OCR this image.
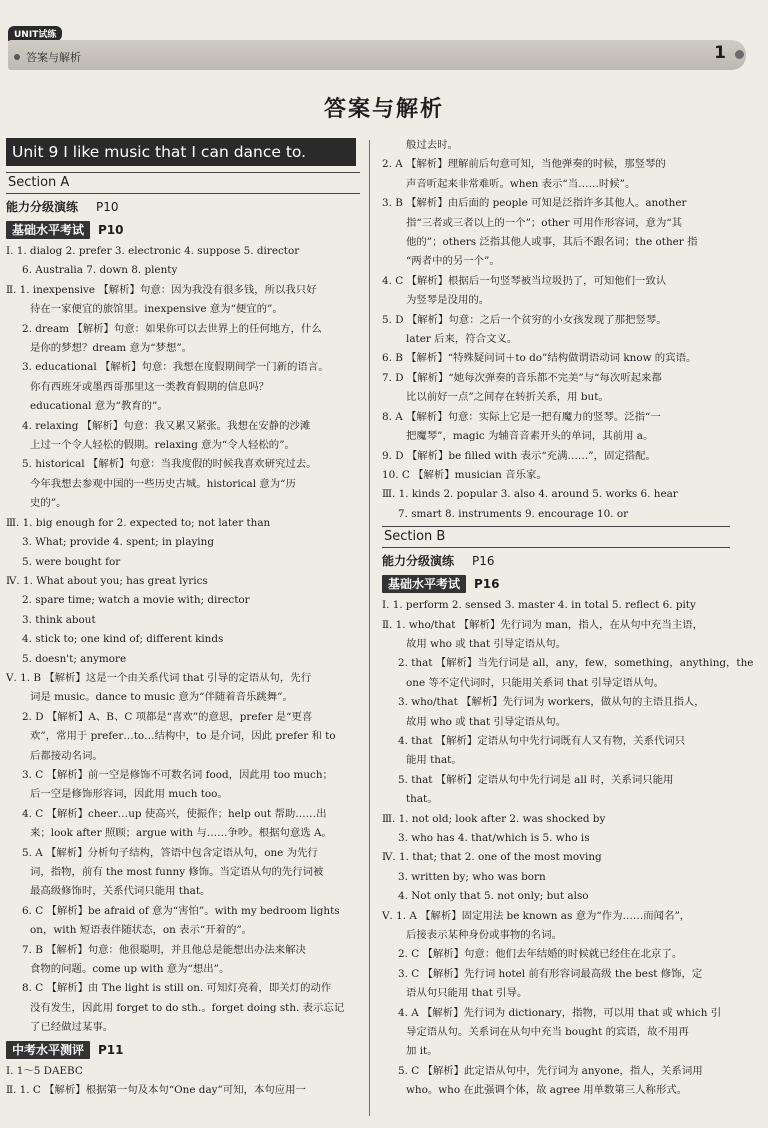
UNIT试练
答案与解析	1
答案与解析
Unit 9 I like music that I can dance to.
Section A
能力分级演练 P10
基础水平考试 P10
Ⅰ. 1. dialog 2. prefer 3. electronic 4. suppose 5. director
6. Australia 7. down 8. plenty
Ⅱ. 1. inexpensive 【解析】句意：因为我没有很多钱，所以我只好
待在一家便宜的旅馆里。inexpensive 意为“便宜的”。
2. dream 【解析】句意：如果你可以去世界上的任何地方，什么
是你的梦想？dream 意为“梦想”。
3. educational 【解析】句意：我想在度假期间学一门新的语言。
你有西班牙或墨西哥那里这一类教育假期的信息吗？
educational 意为“教育的”。
4. relaxing 【解析】句意：我又累又紧张。我想在安静的沙滩
上过一个令人轻松的假期。relaxing 意为“令人轻松的”。
5. historical 【解析】句意：当我度假的时候我喜欢研究过去。
今年我想去参观中国的一些历史古城。historical 意为“历
史的”。
Ⅲ. 1. big enough for 2. expected to; not later than
3. What; provide 4. spent; in playing
5. were bought for
Ⅳ. 1. What about you; has great lyrics
2. spare time; watch a movie with; director
3. think about
4. stick to; one kind of; different kinds
5. doesn't; anymore
Ⅴ. 1. B 【解析】这是一个由关系代词 that 引导的定语从句，先行
词是 music。dance to music 意为“伴随着音乐跳舞”。
2. D 【解析】A、B、C 项都是“喜欢”的意思，prefer 是“更喜
欢”，常用于 prefer…to…结构中，to 是介词，因此 prefer 和 to
后都接动名词。
3. C 【解析】前一空是修饰不可数名词 food，因此用 too much；
后一空是修饰形容词，因此用 much too。
4. C 【解析】cheer…up 使高兴，使振作；help out 帮助……出
来；look after 照顾；argue with 与……争吵。根据句意选 A。
5. A 【解析】分析句子结构，答语中包含定语从句，one 为先行
词，指物，前有 the most funny 修饰。当定语从句的先行词被
最高级修饰时，关系代词只能用 that。
6. C 【解析】be afraid of 意为“害怕”。with my bedroom lights
on，with 短语表伴随状态，on 表示“开着的”。
7. B 【解析】句意：他很聪明，并且他总是能想出办法来解决
食物的问题。come up with 意为“想出”。
8. C 【解析】由 The light is still on. 可知灯亮着，即关灯的动作
没有发生，因此用 forget to do sth.。forget doing sth. 表示忘记
了已经做过某事。
中考水平测评 P11
Ⅰ. 1～5 DAEBC
Ⅱ. 1. C 【解析】根据第一句及本句“One day”可知，本句应用一
般过去时。
2. A 【解析】理解前后句意可知，当他弹奏的时候，那竖琴的
声音听起来非常难听。when 表示“当……时候”。
3. B 【解析】由后面的 people 可知是泛指许多其他人。another
指“三者或三者以上的一个”；other 可用作形容词，意为“其
他的”；others 泛指其他人或事，其后不跟名词；the other 指
“两者中的另一个”。
4. C 【解析】根据后一句竖琴被当垃圾扔了，可知他们一致认
为竖琴是没用的。
5. D 【解析】句意：之后一个贫穷的小女孩发现了那把竖琴。
later 后来，符合文义。
6. B 【解析】“特殊疑问词＋to do”结构做谓语动词 know 的宾语。
7. D 【解析】“她每次弹奏的音乐都不完美”与“每次听起来都
比以前好一点”之间存在转折关系，用 but。
8. A 【解析】句意：实际上它是一把有魔力的竖琴。泛指“一
把魔琴”，magic 为辅音音素开头的单词，其前用 a。
9. D 【解析】be filled with 表示“充满……”，固定搭配。
10. C 【解析】musician 音乐家。
Ⅲ. 1. kinds 2. popular 3. also 4. around 5. works 6. hear
7. smart 8. instruments 9. encourage 10. or
Section B
能力分级演练 P16
基础水平考试 P16
Ⅰ. 1. perform 2. sensed 3. master 4. in total 5. reflect 6. pity
Ⅱ. 1. who/that 【解析】先行词为 man，指人，在从句中充当主语，
故用 who 或 that 引导定语从句。
2. that 【解析】当先行词是 all，any，few，something，anything，the
one 等不定代词时，只能用关系词 that 引导定语从句。
3. who/that 【解析】先行词为 workers，做从句的主语且指人，
故用 who 或 that 引导定语从句。
4. that 【解析】定语从句中先行词既有人又有物，关系代词只
能用 that。
5. that 【解析】定语从句中先行词是 all 时，关系词只能用
that。
Ⅲ. 1. not old; look after 2. was shocked by
3. who has 4. that/which is 5. who is
Ⅳ. 1. that; that 2. one of the most moving
3. written by; who was born
4. Not only that 5. not only; but also
Ⅴ. 1. A 【解析】固定用法 be known as 意为“作为……而闻名”，
后接表示某种身份或事物的名词。
2. C 【解析】句意：他们去年结婚的时候就已经住在北京了。
3. C 【解析】先行词 hotel 前有形容词最高级 the best 修饰，定
语从句只能用 that 引导。
4. A 【解析】先行词为 dictionary，指物，可以用 that 或 which 引
导定语从句。关系词在从句中充当 bought 的宾语，故不用再
加 it。
5. C 【解析】此定语从句中，先行词为 anyone，指人，关系词用
who。who 在此强调个体，故 agree 用单数第三人称形式。
